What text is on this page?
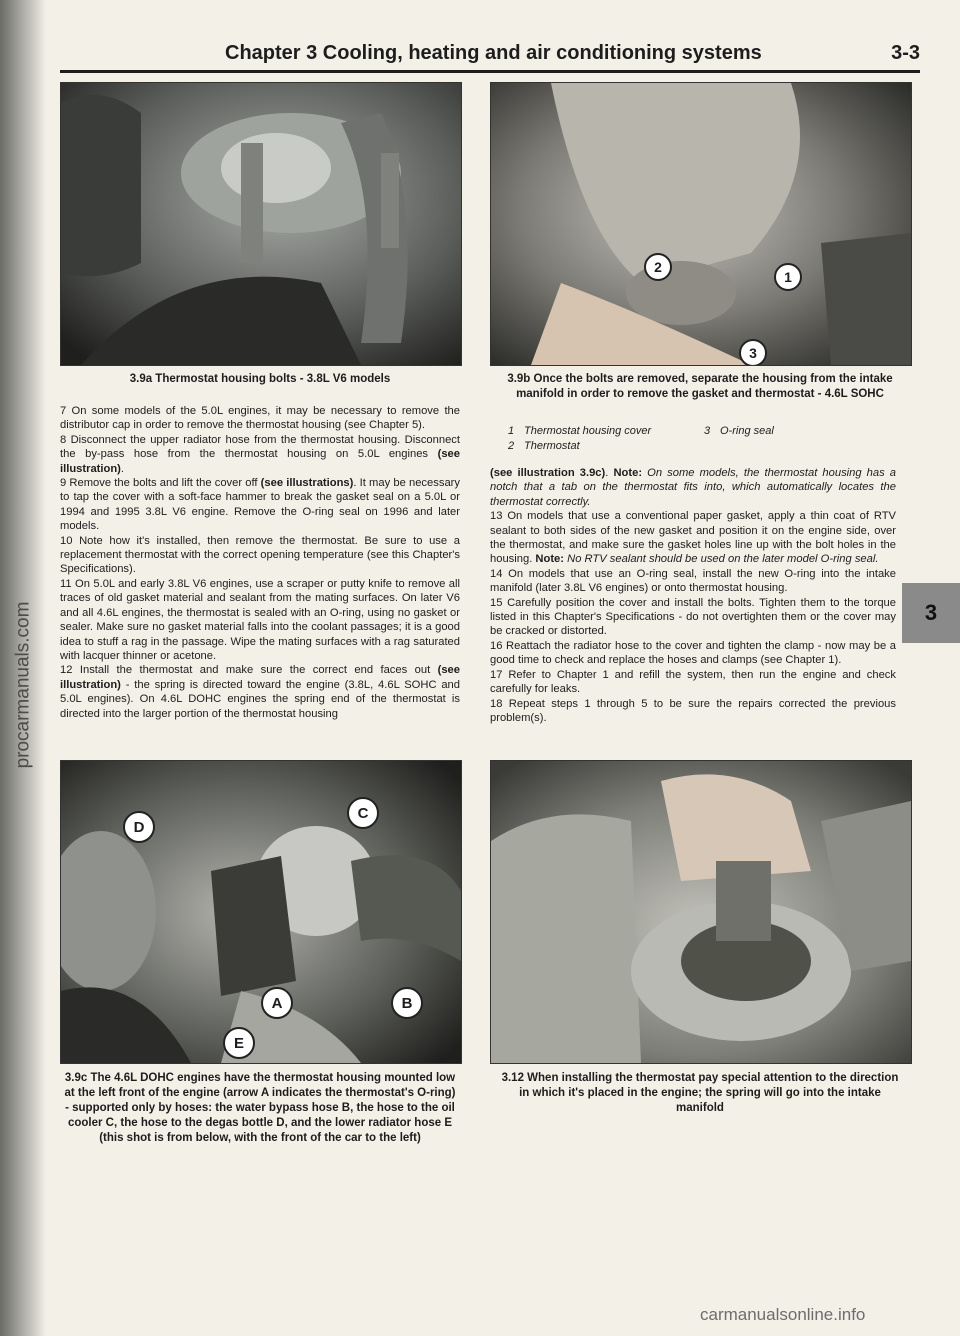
procarmanuals.com
Chapter 3 Cooling, heating and air conditioning systems	3-3
2
1
3
3.9a Thermostat housing bolts - 3.8L V6 models	3.9b Once the bolts are removed, separate the housing from the intake manifold in order to remove the gasket and thermostat - 4.6L SOHC
1 Thermostat housing cover	3 O-ring seal
2 Thermostat

7 On some models of the 5.0L engines, it may be necessary to remove the distributor cap in order to remove the thermostat housing (see Chapter 5).

8 Disconnect the upper radiator hose from the thermostat housing. Disconnect the by-pass hose from the thermostat housing on 5.0L engines (see illustration).

9 Remove the bolts and lift the cover off (see illustrations). It may be necessary to tap the cover with a soft-face hammer to break the gasket seal on a 5.0L or 1994 and 1995 3.8L V6 engine. Remove the O-ring seal on 1996 and later models.

10 Note how it's installed, then remove the thermostat. Be sure to use a replacement thermostat with the correct opening temperature (see this Chapter's Specifications).

11 On 5.0L and early 3.8L V6 engines, use a scraper or putty knife to remove all traces of old gasket material and sealant from the mating surfaces. On later V6 and all 4.6L engines, the thermostat is sealed with an O-ring, using no gasket or sealer. Make sure no gasket material falls into the coolant passages; it is a good idea to stuff a rag in the passage. Wipe the mating surfaces with a rag saturated with lacquer thinner or acetone.

12 Install the thermostat and make sure the correct end faces out (see illustration) - the spring is directed toward the engine (3.8L, 4.6L SOHC and 5.0L engines). On 4.6L DOHC engines the spring end of the thermostat is directed into the larger portion of the thermostat housing

(see illustration 3.9c). Note: On some models, the thermostat housing has a notch that a tab on the thermostat fits into, which automatically locates the thermostat correctly.

13 On models that use a conventional paper gasket, apply a thin coat of RTV sealant to both sides of the new gasket and position it on the engine side, over the thermostat, and make sure the gasket holes line up with the bolt holes in the housing. Note: No RTV sealant should be used on the later model O-ring seal.

14 On models that use an O-ring seal, install the new O-ring into the intake manifold (later 3.8L V6 engines) or onto thermostat housing.

15 Carefully position the cover and install the bolts. Tighten them to the torque listed in this Chapter's Specifications - do not overtighten them or the cover may be cracked or distorted.

16 Reattach the radiator hose to the cover and tighten the clamp - now may be a good time to check and replace the hoses and clamps (see Chapter 1).

17 Refer to Chapter 1 and refill the system, then run the engine and check carefully for leaks.

18 Repeat steps 1 through 5 to be sure the repairs corrected the previous problem(s).

3
D
C
A	B
E
3.9c The 4.6L DOHC engines have the thermostat housing mounted low at the left front of the engine (arrow A indicates the thermostat's O-ring) - supported only by hoses: the water bypass hose B, the hose to the oil cooler C, the hose to the degas bottle D, and the lower radiator hose E (this shot is from below, with the front of the car to the left)
3.12 When installing the thermostat pay special attention to the direction in which it's placed in the engine; the spring will go into the intake manifold
carmanualsonline.info
